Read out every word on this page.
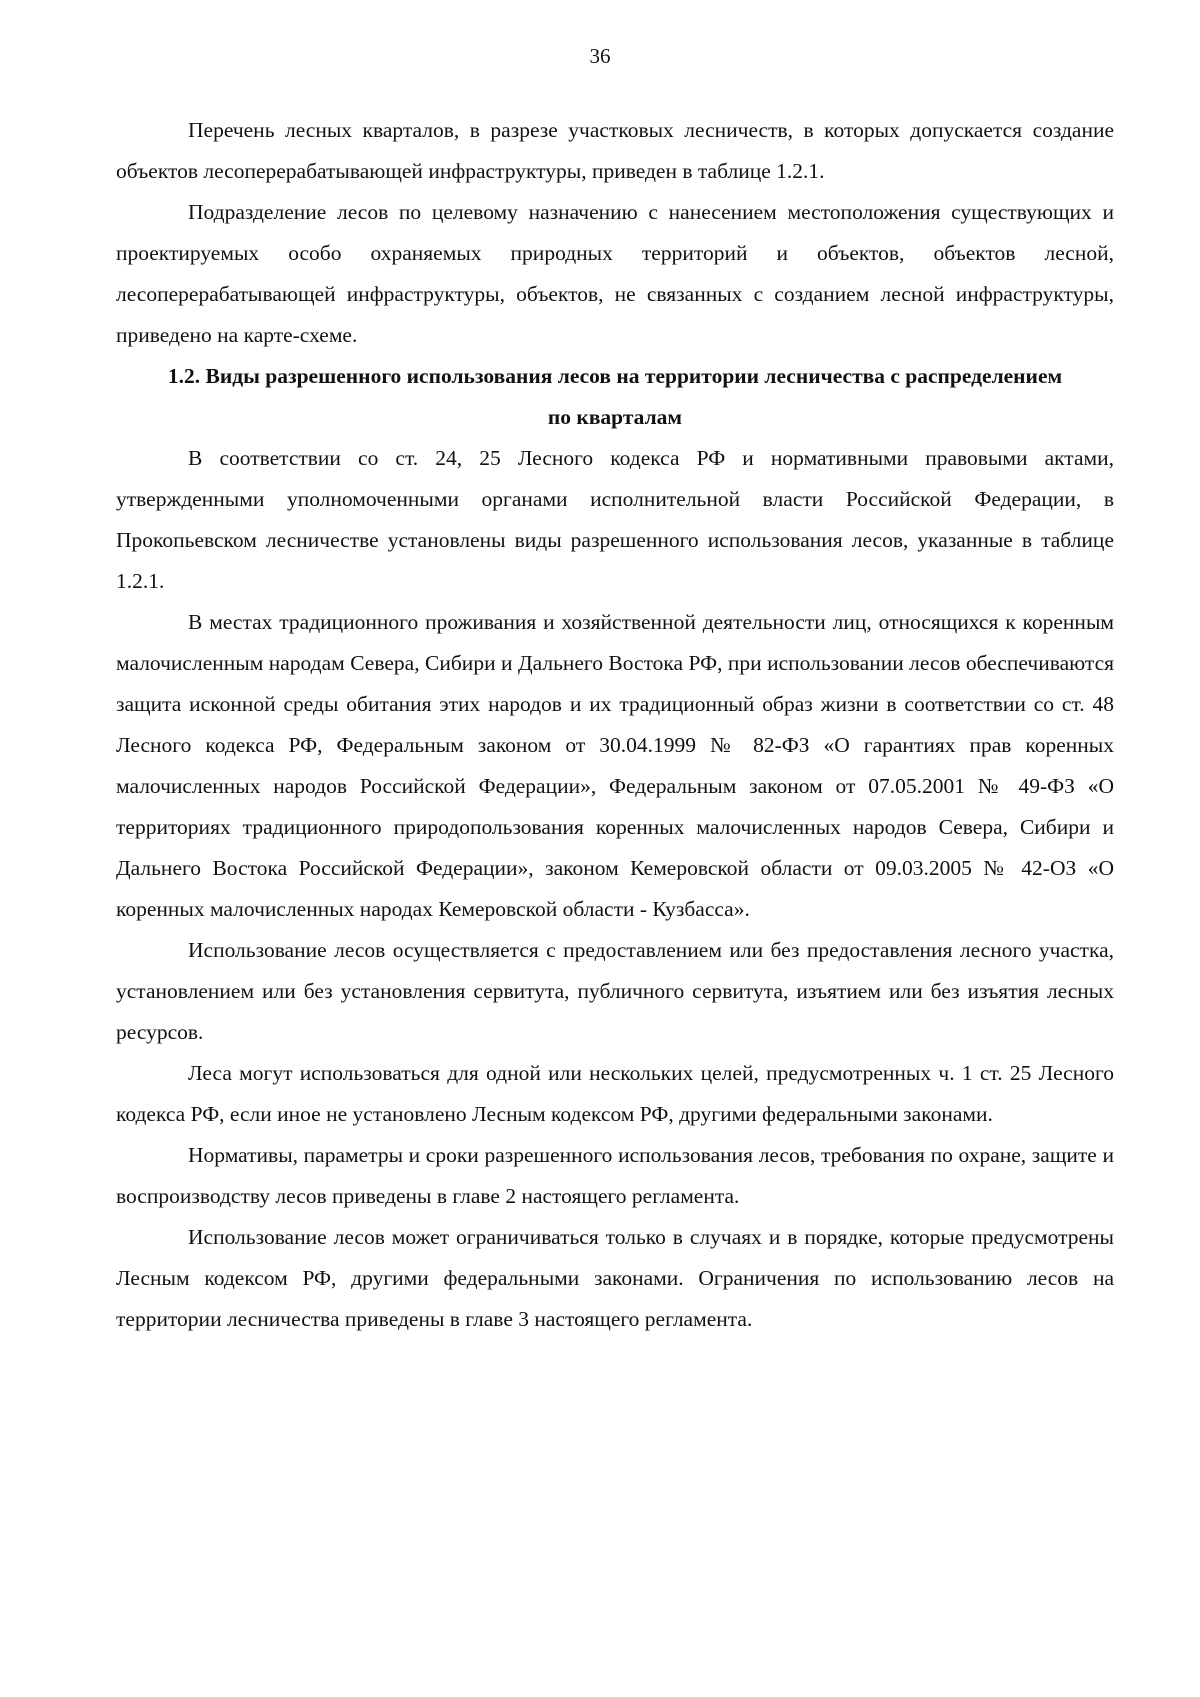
36

Перечень лесных кварталов, в разрезе участковых лесничеств, в которых допускается создание объектов лесоперерабатывающей инфраструктуры, приведен в таблице 1.2.1.

Подразделение лесов по целевому назначению с нанесением местоположения существующих и проектируемых особо охраняемых природных территорий и объектов, объектов лесной, лесоперерабатывающей инфраструктуры, объектов, не связанных с созданием лесной инфраструктуры, приведено на карте-схеме.

1.2. Виды разрешенного использования лесов на территории лесничества с распределением по кварталам

В соответствии со ст. 24, 25 Лесного кодекса РФ и нормативными правовыми актами, утвержденными уполномоченными органами исполнительной власти Российской Федерации, в Прокопьевском лесничестве установлены виды разрешенного использования лесов, указанные в таблице 1.2.1.

В местах традиционного проживания и хозяйственной деятельности лиц, относящихся к коренным малочисленным народам Севера, Сибири и Дальнего Востока РФ, при использовании лесов обеспечиваются защита исконной среды обитания этих народов и их традиционный образ жизни в соответствии со ст. 48 Лесного кодекса РФ, Федеральным законом от 30.04.1999 № 82-ФЗ «О гарантиях прав коренных малочисленных народов Российской Федерации», Федеральным законом от 07.05.2001 № 49-ФЗ «О территориях традиционного природопользования коренных малочисленных народов Севера, Сибири и Дальнего Востока Российской Федерации», законом Кемеровской области от 09.03.2005 № 42-ОЗ «О коренных малочисленных народах Кемеровской области - Кузбасса».

Использование лесов осуществляется с предоставлением или без предоставления лесного участка, установлением или без установления сервитута, публичного сервитута, изъятием или без изъятия лесных ресурсов.

Леса могут использоваться для одной или нескольких целей, предусмотренных ч. 1 ст. 25 Лесного кодекса РФ, если иное не установлено Лесным кодексом РФ, другими федеральными законами.

Нормативы, параметры и сроки разрешенного использования лесов, требования по охране, защите и воспроизводству лесов приведены в главе 2 настоящего регламента.

Использование лесов может ограничиваться только в случаях и в порядке, которые предусмотрены Лесным кодексом РФ, другими федеральными законами. Ограничения по использованию лесов на территории лесничества приведены в главе 3 настоящего регламента.
